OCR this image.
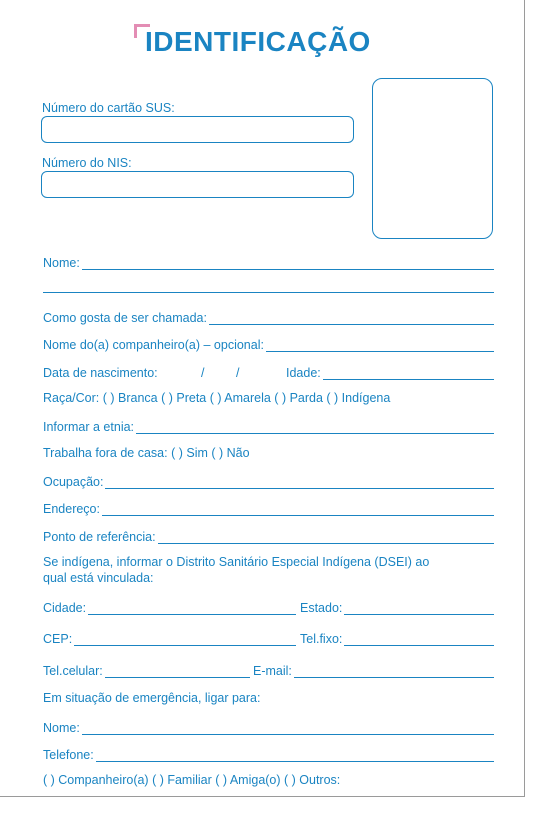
IDENTIFICAÇÃO
Número do cartão SUS:
Número do NIS:
Nome:
Como gosta de ser chamada:
Nome do(a) companheiro(a) – opcional:
Data de nascimento:	/	/	Idade:
Raça/Cor: ( ) Branca ( ) Preta ( ) Amarela ( ) Parda ( ) Indígena
Informar a etnia:
Trabalha fora de casa: ( ) Sim ( ) Não
Ocupação:
Endereço:
Ponto de referência:
Se indígena, informar o Distrito Sanitário Especial Indígena (DSEI) ao
qual está vinculada:
Cidade:	Estado:
CEP:	Tel.fixo:
Tel.celular:	E-mail:
Em situação de emergência, ligar para:
Nome:
Telefone:
( ) Companheiro(a) ( ) Familiar ( ) Amiga(o) ( ) Outros:
